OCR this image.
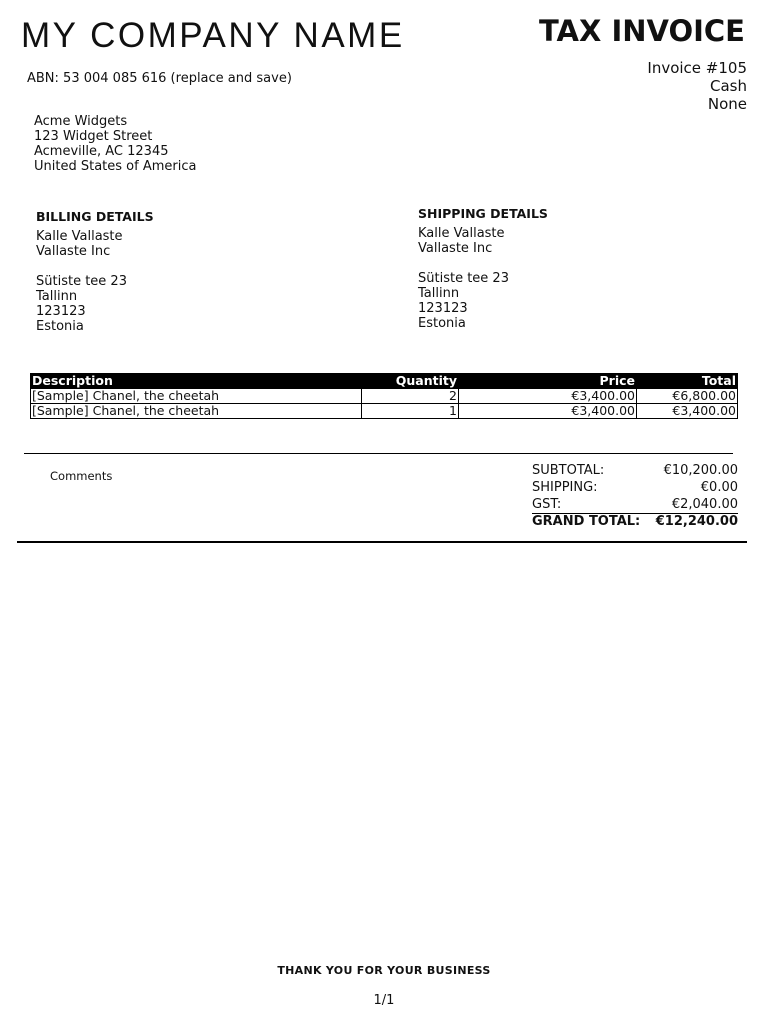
MY COMPANY NAME	TAX INVOICE
ABN: 53 004 085 616 (replace and save)
Invoice #105
Cash
None
Acme Widgets
123 Widget Street
Acmeville, AC 12345
United States of America
BILLING DETAILS
Kalle Vallaste
Vallaste Inc
Sütiste tee 23
Tallinn
123123
Estonia
SHIPPING DETAILS
Kalle Vallaste
Vallaste Inc
Sütiste tee 23
Tallinn
123123
Estonia
Description	Quantity	Price	Total
[Sample] Chanel, the cheetah	2	€3,400.00	€6,800.00
[Sample] Chanel, the cheetah	1	€3,400.00	€3,400.00
Comments	SUBTOTAL:	€10,200.00
SHIPPING:	€0.00
GST:	€2,040.00
GRAND TOTAL: €12,240.00
THANK YOU FOR YOUR BUSINESS
1/1
